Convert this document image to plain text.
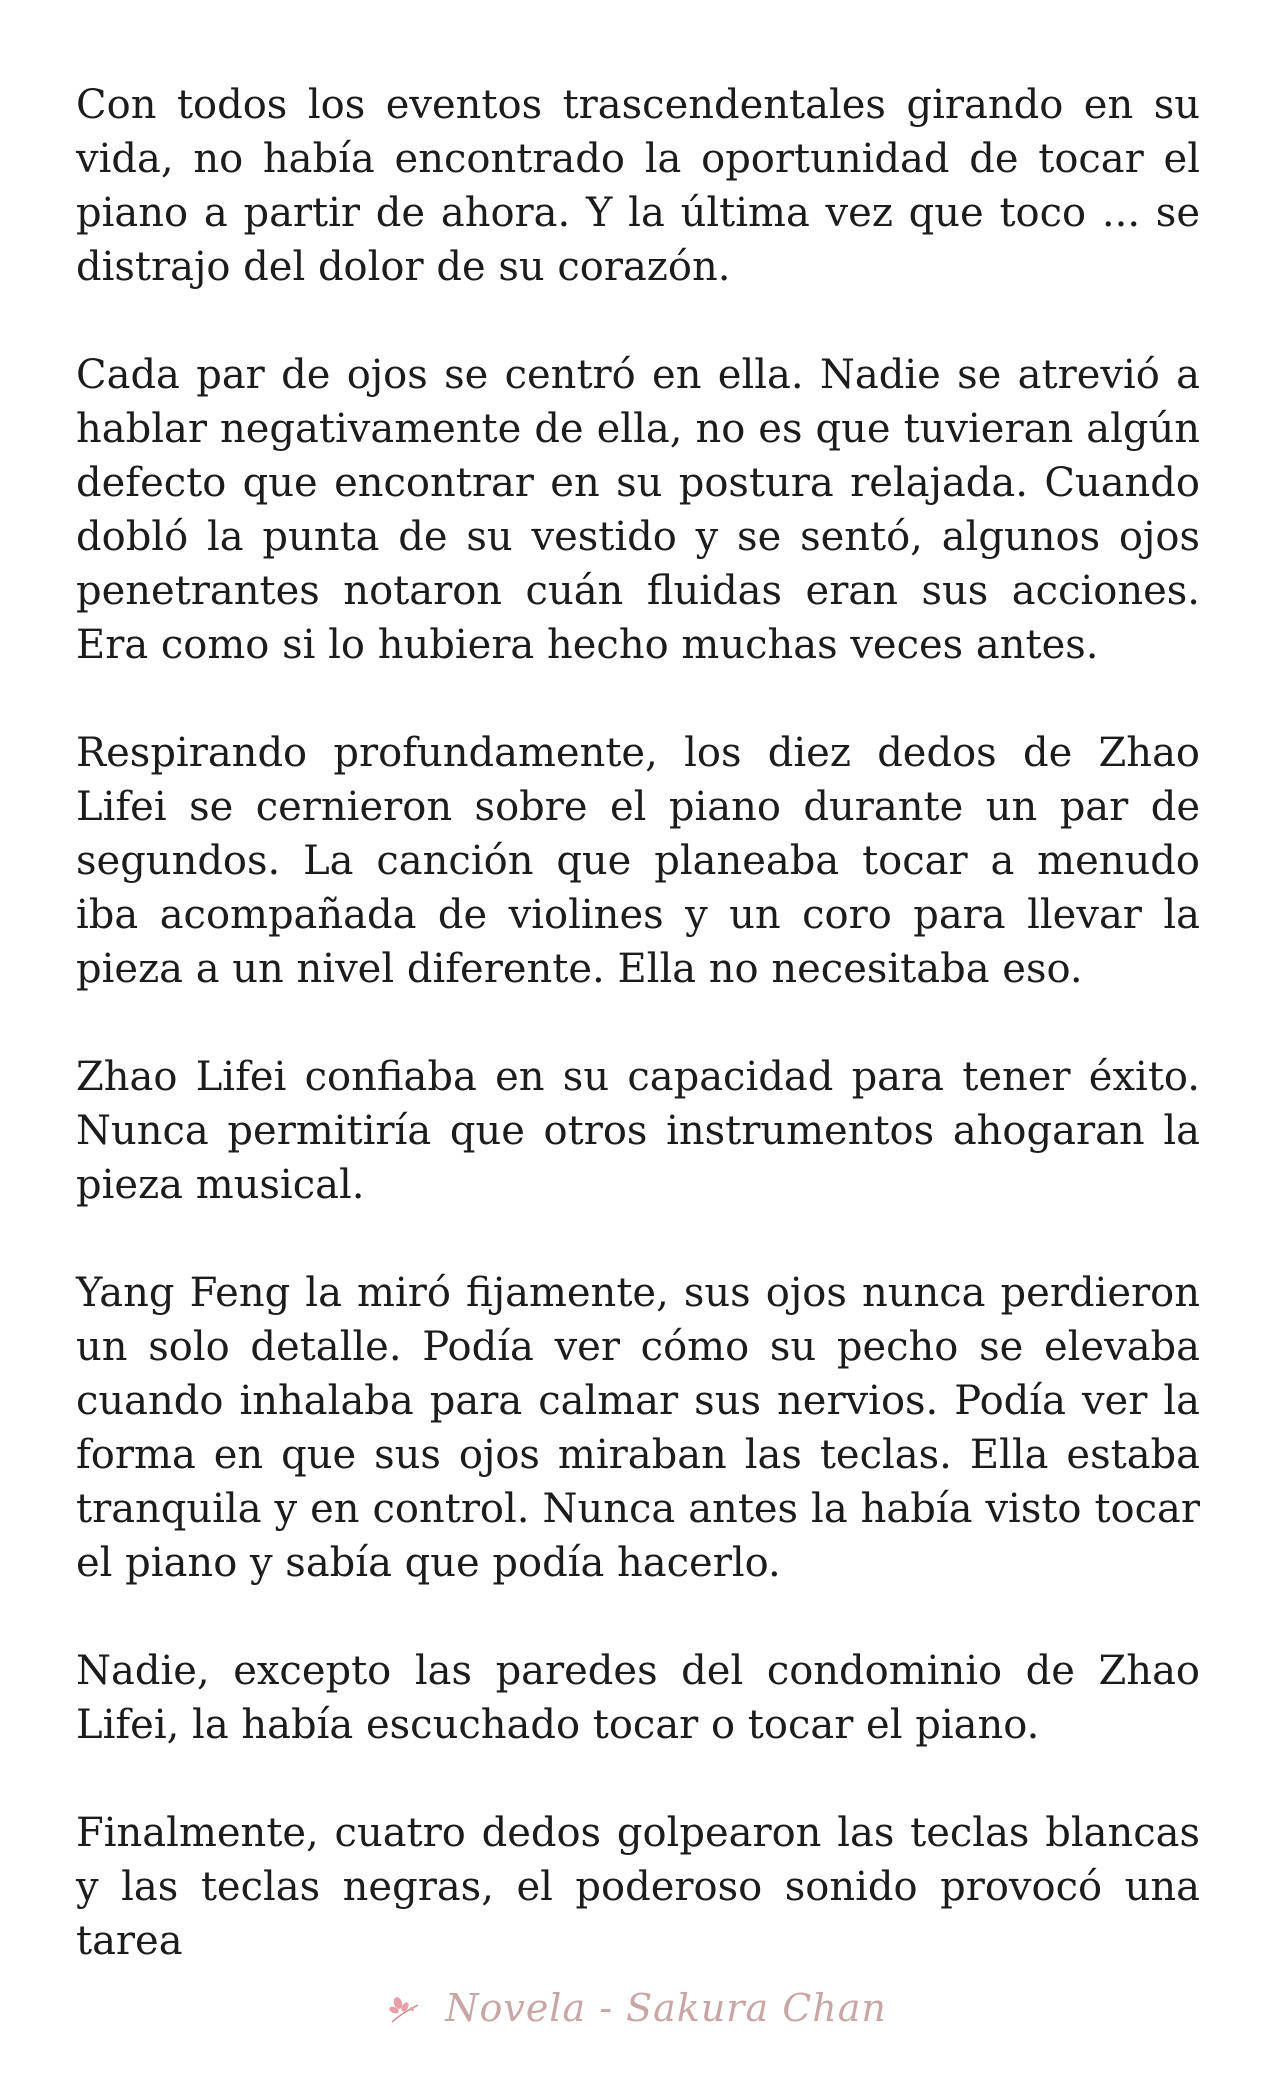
Con todos los eventos trascendentales girando en su vida, no había encontrado la oportunidad de tocar el piano a partir de ahora. Y la última vez que toco ... se distrajo del dolor de su corazón.

Cada par de ojos se centró en ella. Nadie se atrevió a hablar negativamente de ella, no es que tuvieran algún defecto que encontrar en su postura relajada. Cuando dobló la punta de su vestido y se sentó, algunos ojos penetrantes notaron cuán fluidas eran sus acciones. Era como si lo hubiera hecho muchas veces antes.

Respirando profundamente, los diez dedos de Zhao Lifei se cernieron sobre el piano durante un par de segundos. La canción que planeaba tocar a menudo iba acompañada de violines y un coro para llevar la pieza a un nivel diferente. Ella no necesitaba eso.

Zhao Lifei confiaba en su capacidad para tener éxito. Nunca permitiría que otros instrumentos ahogaran la pieza musical.

Yang Feng la miró fijamente, sus ojos nunca perdieron un solo detalle. Podía ver cómo su pecho se elevaba cuando inhalaba para calmar sus nervios. Podía ver la forma en que sus ojos miraban las teclas. Ella estaba tranquila y en control. Nunca antes la había visto tocar el piano y sabía que podía hacerlo.

Nadie, excepto las paredes del condominio de Zhao Lifei, la había escuchado tocar o tocar el piano.

Finalmente, cuatro dedos golpearon las teclas blancas y las teclas negras, el poderoso sonido provocó una tarea

Novela - Sakura Chan
